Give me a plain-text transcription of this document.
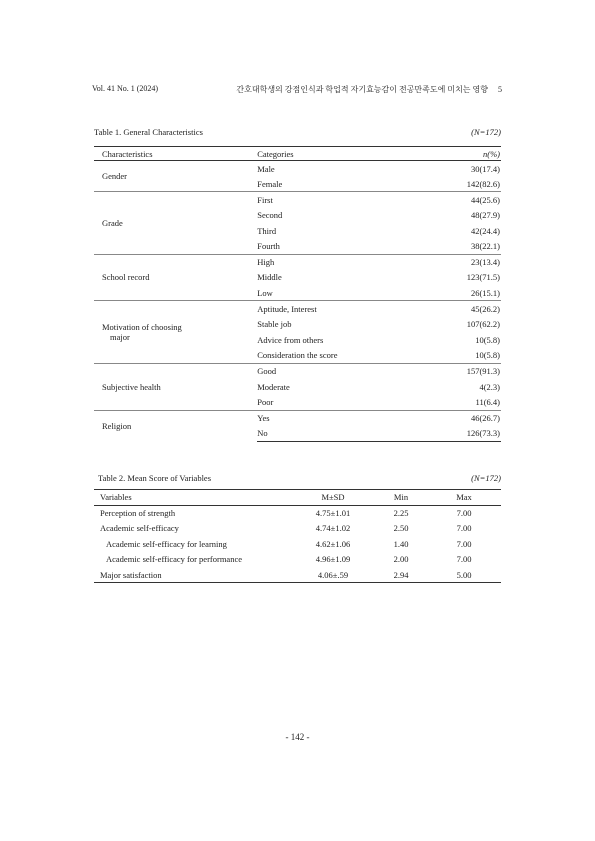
Vol. 41 No. 1 (2024)	간호대학생의 강점인식과 학업적 자기효능감이 전공만족도에 미치는 영향 5
Table 1. General Characteristics	(N=172)
Characteristics	Categories	n(%)
Gender	Male	30(17.4)
	Female	142(82.6)
Grade	First	44(25.6)
	Second	48(27.9)
	Third	42(24.4)
	Fourth	38(22.1)
School record	High	23(13.4)
	Middle	123(71.5)
	Low	26(15.1)
Motivation of choosing
major	Aptitude, Interest	45(26.2)
	Stable job	107(62.2)
	Advice from others	10(5.8)
	Consideration the score	10(5.8)
Subjective health	Good	157(91.3)
	Moderate	4(2.3)
	Poor	11(6.4)
Religion	Yes	46(26.7)
	No	126(73.3)
Table 2. Mean Score of Variables	(N=172)
Variables	M±SD	Min	Max	
Perception of strength	4.75±1.01	2.25	7.00	
Academic self-efficacy	4.74±1.02	2.50	7.00	
Academic self-efficacy for learning	4.62±1.06	1.40	7.00	
Academic self-efficacy for performance	4.96±1.09	2.00	7.00	
Major satisfaction	4.06±.59	2.94	5.00	
- 142 -
